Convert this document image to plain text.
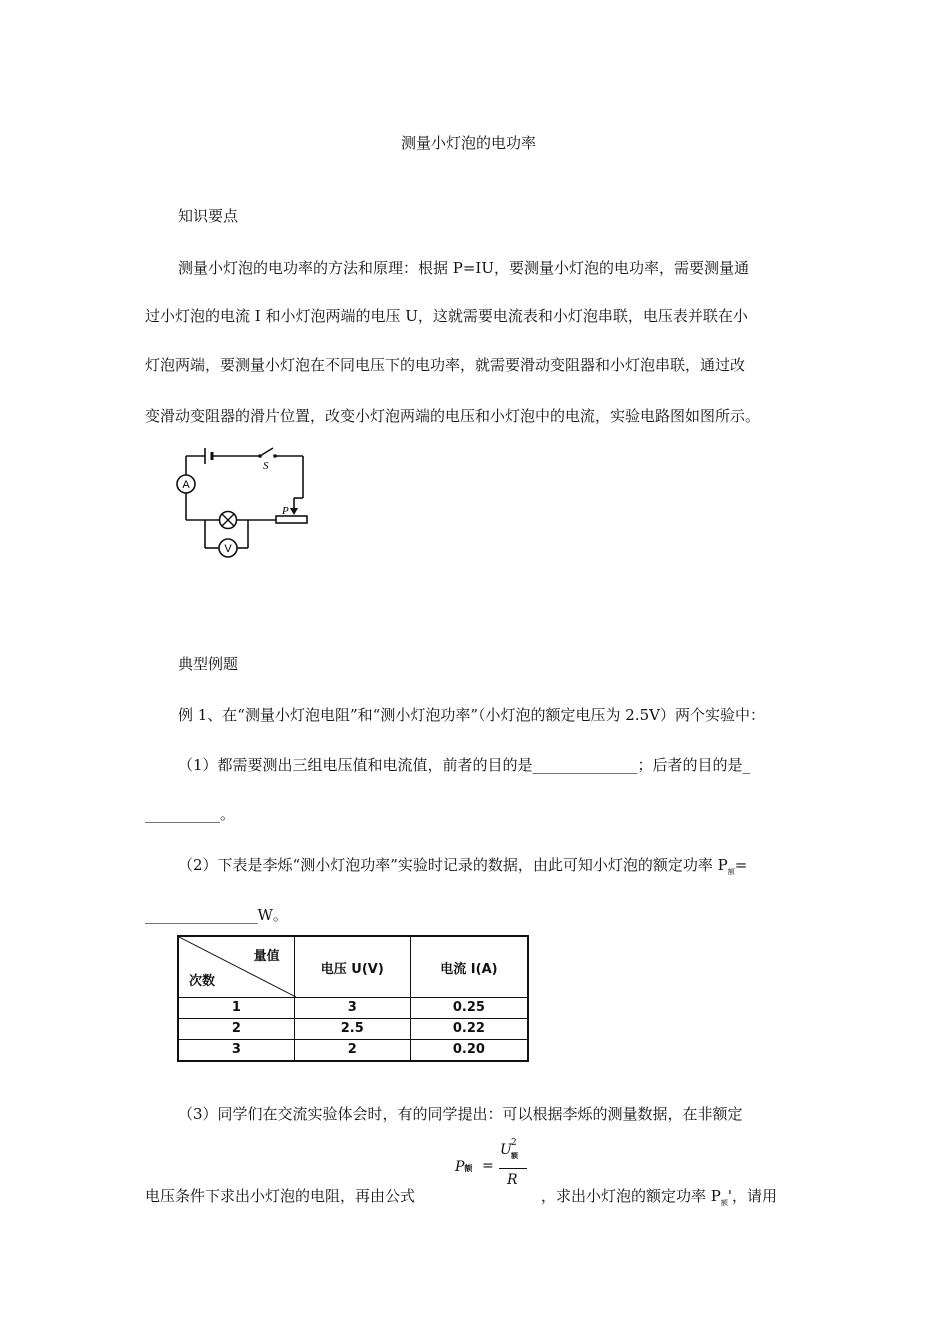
测量小灯泡的电功率
知识要点
测量小灯泡的电功率的方法和原理：根据 P=IU，要测量小灯泡的电功率，需要测量通
过小灯泡的电流 I 和小灯泡两端的电压 U，这就需要电流表和小灯泡串联，电压表并联在小
灯泡两端，要测量小灯泡在不同电压下的电功率，就需要滑动变阻器和小灯泡串联，通过改
变滑动变阻器的滑片位置，改变小灯泡两端的电压和小灯泡中的电流，实验电路图如图所示。
S
A
P
V
典型例题
例 1、在“测量小灯泡电阻”和“测小灯泡功率”（小灯泡的额定电压为 2.5V）两个实验中：
（1）都需要测出三组电压值和电流值，前者的目的是______________；后者的目的是_
__________。
（2）下表是李烁“测小灯泡功率”实验时记录的数据，由此可知小灯泡的额定功率 $P_额=$
_______________W。
量值
次数	电压 U(V)	电流 I(A)
1	3	0.25
2	2.5	0.22
3	2	0.20
（3）同学们在交流实验体会时，有的同学提出：可以根据李烁的测量数据，在非额定
P额 =
U 2
额
R
电压条件下求出小灯泡的电阻，再由公式	，求出小灯泡的额定功率 $P_额'$，请用
